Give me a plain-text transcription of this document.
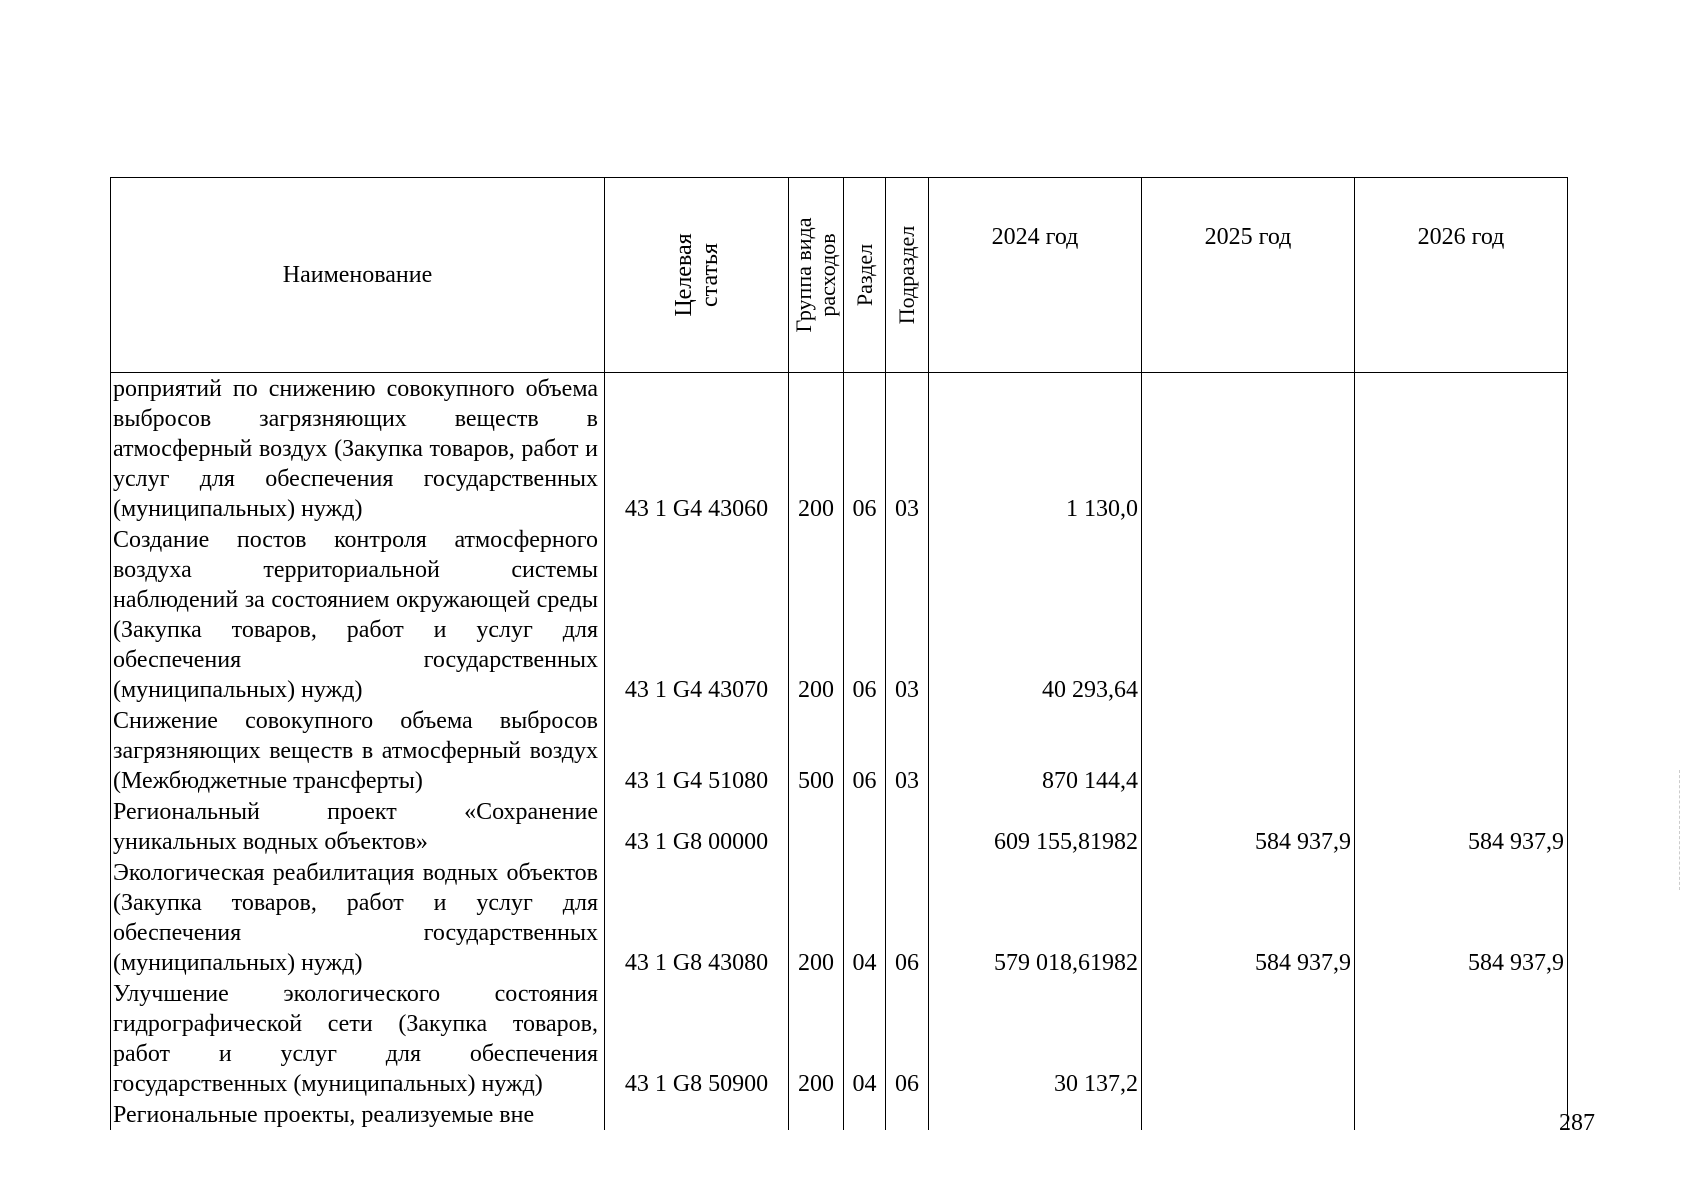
Наименование	Целевая статья	Группа вида расходов	Раздел	Подраздел	2024 год	2025 год	2026 год
роприятий по снижению совокупного объема выбросов загрязняющих веществ в атмосферный воздух (Закупка товаров, работ и услуг для обеспечения государственных (муниципальных) нужд)	43 1 G4 43060	200	06	03	1 130,0		
Создание постов контроля атмосферного воздуха территориальной системы наблюдений за состоянием окружающей среды (Закупка товаров, работ и услуг для обеспечения государственных (муниципальных) нужд)	43 1 G4 43070	200	06	03	40 293,64		
Снижение совокупного объема выбросов загрязняющих веществ в атмосферный воздух (Межбюджетные трансферты)	43 1 G4 51080	500	06	03	870 144,4		
Региональный проект «Сохранение уникальных водных объектов»	43 1 G8 00000				609 155,81982	584 937,9	584 937,9
Экологическая реабилитация водных объектов (Закупка товаров, работ и услуг для обеспечения государственных (муниципальных) нужд)	43 1 G8 43080	200	04	06	579 018,61982	584 937,9	584 937,9
Улучшение экологического состояния гидрографической сети (Закупка товаров, работ и услуг для обеспечения государственных (муниципальных) нужд)	43 1 G8 50900	200	04	06	30 137,2		
Региональные проекты, реализуемые вне								287
